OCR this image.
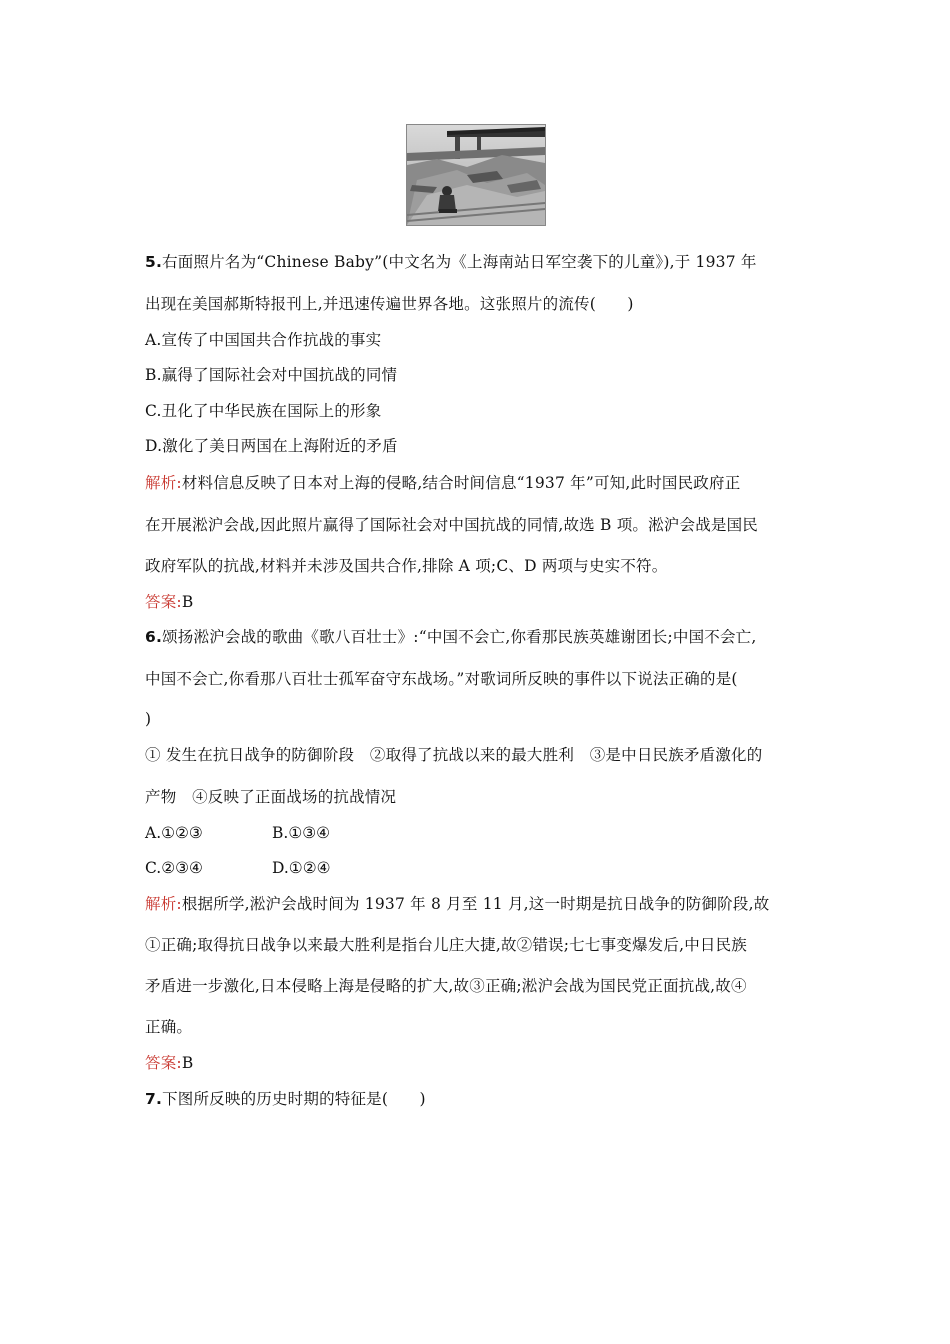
5.右面照片名为“Chinese Baby”(中文名为《上海南站日军空袭下的儿童》),于 1937 年
出现在美国郝斯特报刊上,并迅速传遍世界各地。这张照片的流传(　　)
A.宣传了中国国共合作抗战的事实
B.赢得了国际社会对中国抗战的同情
C.丑化了中华民族在国际上的形象
D.激化了美日两国在上海附近的矛盾
解析:材料信息反映了日本对上海的侵略,结合时间信息“1937 年”可知,此时国民政府正
在开展淞沪会战,因此照片赢得了国际社会对中国抗战的同情,故选 B 项。淞沪会战是国民
政府军队的抗战,材料并未涉及国共合作,排除 A 项;C、D 两项与史实不符。
答案:B
6.颂扬淞沪会战的歌曲《歌八百壮士》:“中国不会亡,你看那民族英雄谢团长;中国不会亡,
中国不会亡,你看那八百壮士孤军奋守东战场。”对歌词所反映的事件以下说法正确的是(
)
① 发生在抗日战争的防御阶段　②取得了抗战以来的最大胜利　③是中日民族矛盾激化的
产物　④反映了正面战场的抗战情况
A.①②③	B.①③④
C.②③④	D.①②④
解析:根据所学,淞沪会战时间为 1937 年 8 月至 11 月,这一时期是抗日战争的防御阶段,故
①正确;取得抗日战争以来最大胜利是指台儿庄大捷,故②错误;七七事变爆发后,中日民族
矛盾进一步激化,日本侵略上海是侵略的扩大,故③正确;淞沪会战为国民党正面抗战,故④
正确。
答案:B
7.下图所反映的历史时期的特征是(　　)
